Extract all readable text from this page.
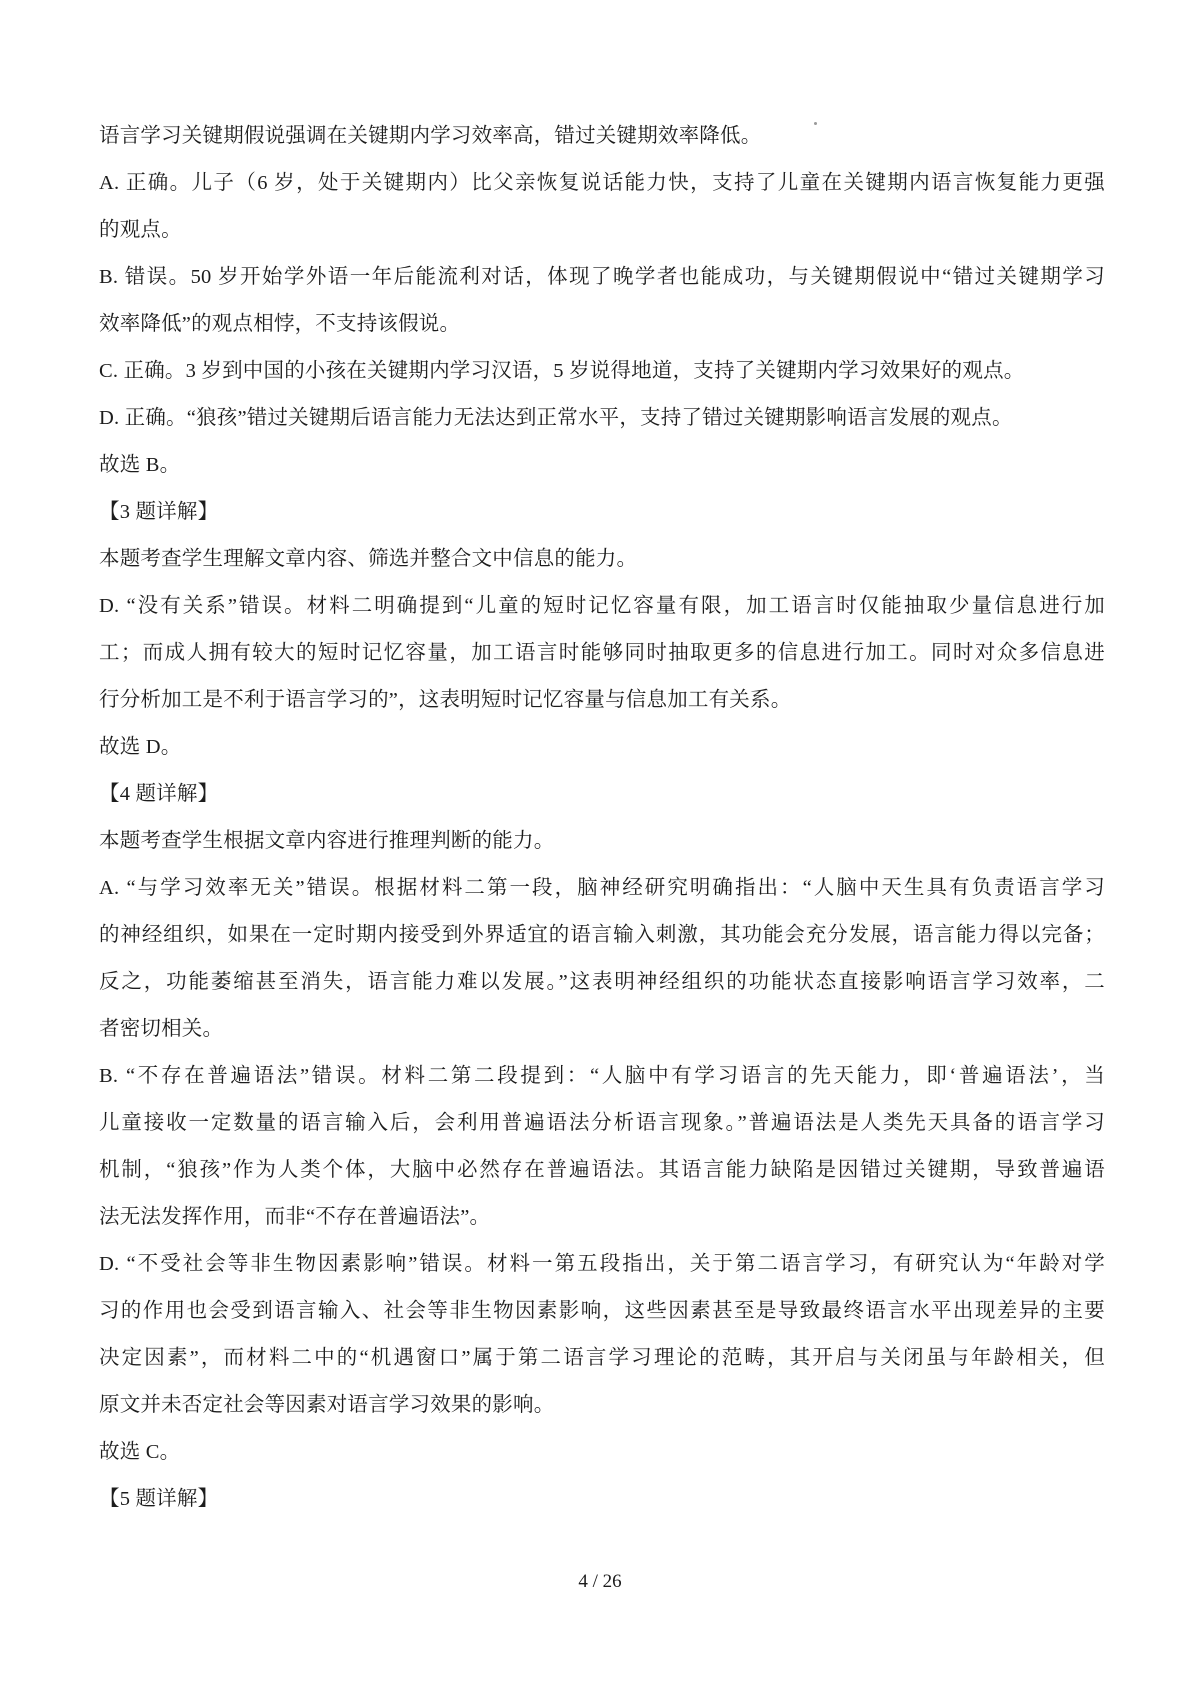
语言学习关键期假说强调在关键期内学习效率高，错过关键期效率降低。
A. 正确。儿子（6 岁，处于关键期内）比父亲恢复说话能力快，支持了儿童在关键期内语言恢复能力更强
的观点。
B. 错误。50 岁开始学外语一年后能流利对话，体现了晚学者也能成功，与关键期假说中“错过关键期学习
效率降低”的观点相悖，不支持该假说。
C. 正确。3 岁到中国的小孩在关键期内学习汉语，5 岁说得地道，支持了关键期内学习效果好的观点。
D. 正确。“狼孩”错过关键期后语言能力无法达到正常水平，支持了错过关键期影响语言发展的观点。
故选 B。
【3 题详解】
本题考查学生理解文章内容、筛选并整合文中信息的能力。
D. “没有关系”错误。材料二明确提到“儿童的短时记忆容量有限，加工语言时仅能抽取少量信息进行加
工；而成人拥有较大的短时记忆容量，加工语言时能够同时抽取更多的信息进行加工。同时对众多信息进
行分析加工是不利于语言学习的”，这表明短时记忆容量与信息加工有关系。
故选 D。
【4 题详解】
本题考查学生根据文章内容进行推理判断的能力。
A. “与学习效率无关”错误。根据材料二第一段，脑神经研究明确指出：“人脑中天生具有负责语言学习
的神经组织，如果在一定时期内接受到外界适宜的语言输入刺激，其功能会充分发展，语言能力得以完备；
反之，功能萎缩甚至消失，语言能力难以发展。”这表明神经组织的功能状态直接影响语言学习效率，二
者密切相关。
B. “不存在普遍语法”错误。材料二第二段提到：“人脑中有学习语言的先天能力，即‘普遍语法’，当
儿童接收一定数量的语言输入后，会利用普遍语法分析语言现象。”普遍语法是人类先天具备的语言学习
机制，“狼孩”作为人类个体，大脑中必然存在普遍语法。其语言能力缺陷是因错过关键期，导致普遍语
法无法发挥作用，而非“不存在普遍语法”。
D. “不受社会等非生物因素影响”错误。材料一第五段指出，关于第二语言学习，有研究认为“年龄对学
习的作用也会受到语言输入、社会等非生物因素影响，这些因素甚至是导致最终语言水平出现差异的主要
决定因素”，而材料二中的“机遇窗口”属于第二语言学习理论的范畴，其开启与关闭虽与年龄相关，但
原文并未否定社会等因素对语言学习效果的影响。
故选 C。
【5 题详解】
4 / 26
